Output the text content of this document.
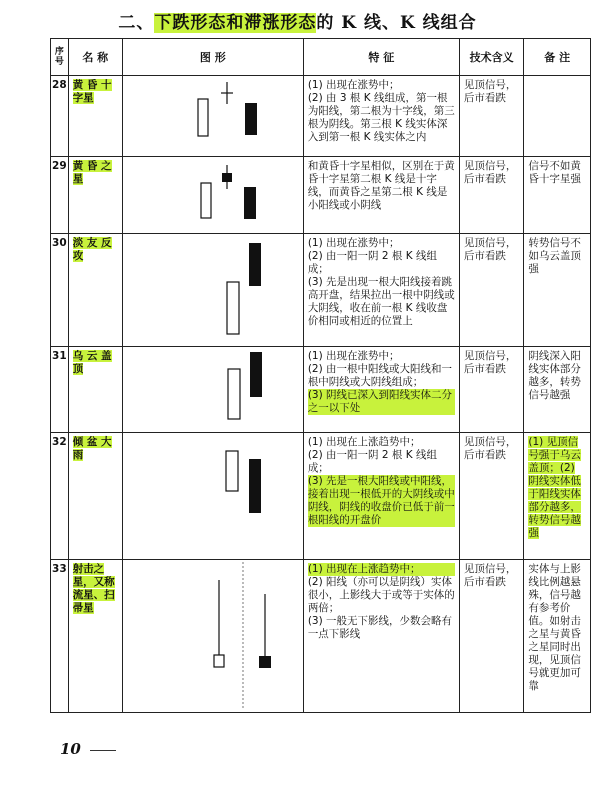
二、下跌形态和滞涨形态的 K 线、K 线组合
序号	名 称	图 形	特 征	技术含义	备 注
28	黄 昏 十字星		(1) 出现在涨势中；
(2) 由 3 根 K 线组成，第一根为阳线，第二根为十字线，第三根为阴线。第三根 K 线实体深入到第一根 K 线实体之内	见顶信号，后市看跌	
29	黄 昏 之星		和黄昏十字星相似，区别在于黄昏十字星第二根 K 线是十字线，而黄昏之星第二根 K 线是小阳线或小阴线	见顶信号，后市看跌	信号不如黄昏十字星强
30	淡 友 反攻		(1) 出现在涨势中；
(2) 由一阳一阴 2 根 K 线组成；
(3) 先是出现一根大阳线接着跳高开盘，结果拉出一根中阴线或大阴线，收在前一根 K 线收盘价相同或相近的位置上	见顶信号，后市看跌	转势信号不如乌云盖顶强
31	乌 云 盖顶		(1) 出现在涨势中；
(2) 由一根中阳线或大阳线和一根中阴线或大阴线组成；
(3) 阴线已深入到阳线实体二分之一以下处	见顶信号，后市看跌	阴线深入阳线实体部分越多，转势信号越强
32	倾 盆 大雨		(1) 出现在上涨趋势中；
(2) 由一阳一阴 2 根 K 线组成；
(3) 先是一根大阳线或中阳线，接着出现一根低开的大阴线或中阴线，阴线的收盘价已低于前一根阳线的开盘价	见顶信号，后市看跌	(1) 见顶信号强于乌云盖顶；(2) 阴线实体低于阳线实体部分越多，转势信号越强
33	射击之星，又称流星、扫帚星		(1) 出现在上涨趋势中；
(2) 阳线（亦可以是阴线）实体很小，上影线大于或等于实体的两倍；
(3) 一般无下影线，少数会略有一点下影线	见顶信号，后市看跌	实体与上影线比例越悬殊，信号越有参考价值。如射击之星与黄昏之星同时出现，见顶信号就更加可靠
10
